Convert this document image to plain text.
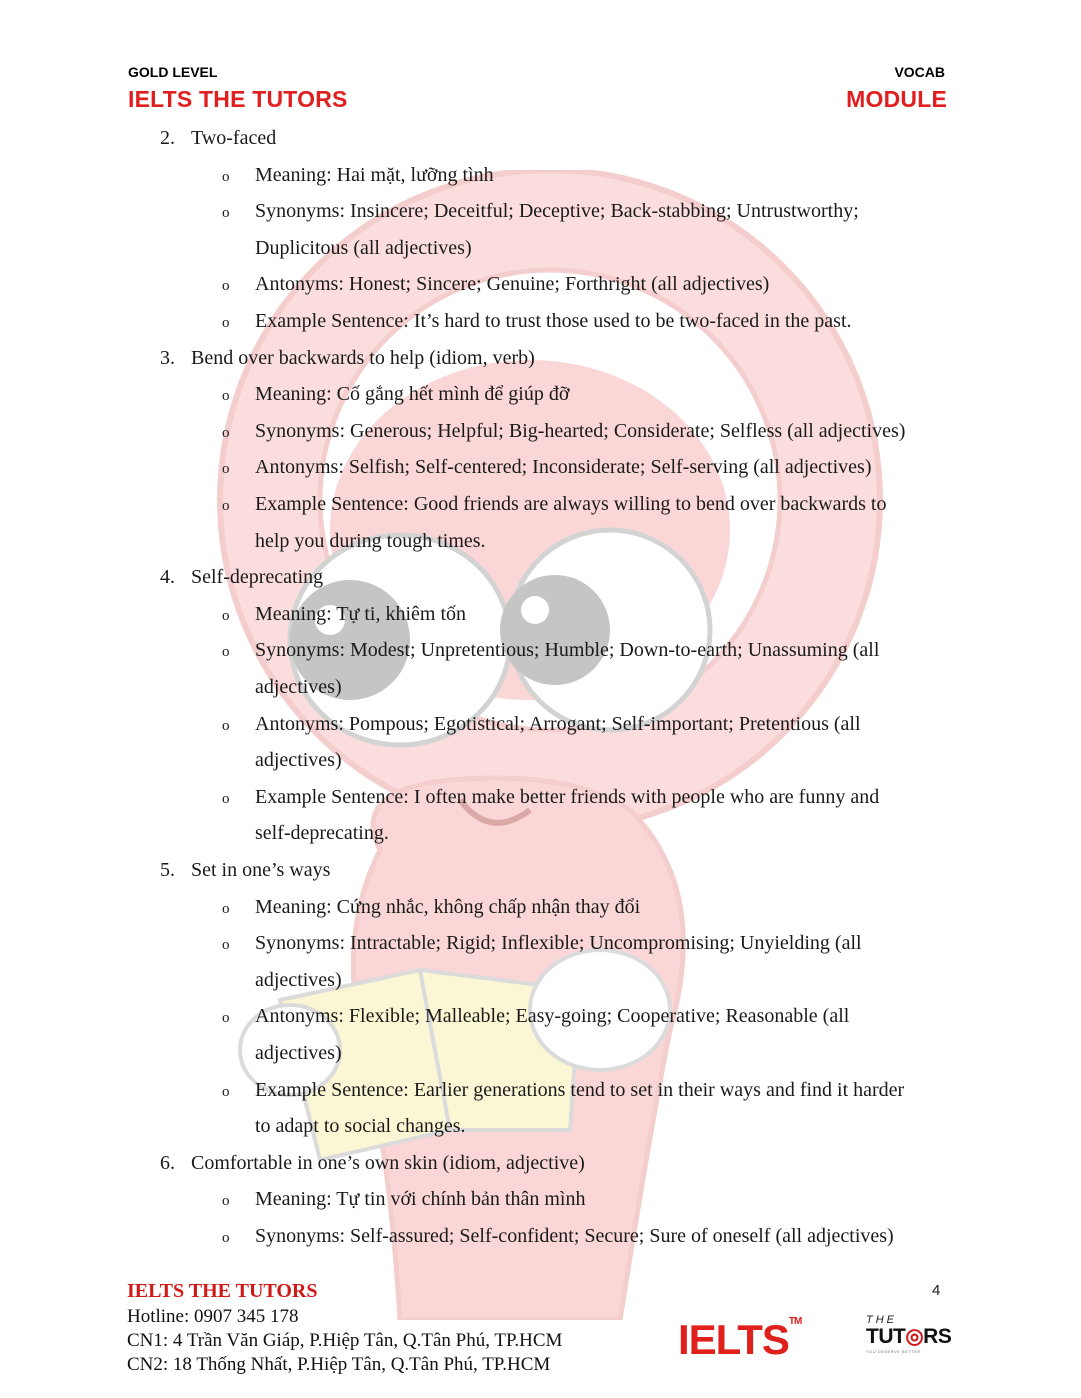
GOLD LEVEL
IELTS THE TUTORS
VOCAB
MODULE
2. Two-faced
o Meaning: Hai mặt, lưỡng tình
o Synonyms: Insincere; Deceitful; Deceptive; Back-stabbing; Untrustworthy;
Duplicitous (all adjectives)
o Antonyms: Honest; Sincere; Genuine; Forthright (all adjectives)
o Example Sentence: It’s hard to trust those used to be two-faced in the past.
3. Bend over backwards to help (idiom, verb)
o Meaning: Cố gắng hết mình để giúp đỡ
o Synonyms: Generous; Helpful; Big-hearted; Considerate; Selfless (all adjectives)
o Antonyms: Selfish; Self-centered; Inconsiderate; Self-serving (all adjectives)
o Example Sentence: Good friends are always willing to bend over backwards to
help you during tough times.
4. Self-deprecating
o Meaning: Tự ti, khiêm tốn
o Synonyms: Modest; Unpretentious; Humble; Down-to-earth; Unassuming (all
adjectives)
o Antonyms: Pompous; Egotistical; Arrogant; Self-important; Pretentious (all
adjectives)
o Example Sentence: I often make better friends with people who are funny and
self-deprecating.
5. Set in one’s ways
o Meaning: Cứng nhắc, không chấp nhận thay đổi
o Synonyms: Intractable; Rigid; Inflexible; Uncompromising; Unyielding (all
adjectives)
o Antonyms: Flexible; Malleable; Easy-going; Cooperative; Reasonable (all
adjectives)
o Example Sentence: Earlier generations tend to set in their ways and find it harder
to adapt to social changes.
6. Comfortable in one’s own skin (idiom, adjective)
o Meaning: Tự tin với chính bản thân mình
o Synonyms: Self-assured; Self-confident; Secure; Sure of oneself (all adjectives)
IELTS THE TUTORS
Hotline: 0907 345 178
CN1: 4 Trần Văn Giáp, P.Hiệp Tân, Q.Tân Phú, TP.HCM
CN2: 18 Thống Nhất, P.Hiệp Tân, Q.Tân Phú, TP.HCM
4
IELTS™	THE
TUT◎RS
YOU DESERVE BETTER
